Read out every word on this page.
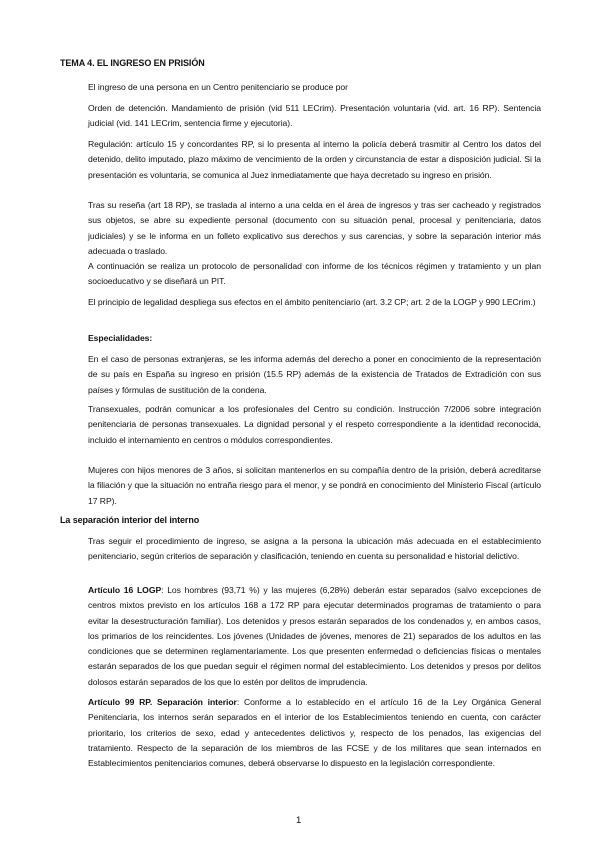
TEMA 4. EL INGRESO EN PRISIÓN

El ingreso de una persona en un Centro penitenciario se produce por

Orden de detención. Mandamiento de prisión (vid 511 LECrim). Presentación voluntaria (vid. art. 16 RP). Sentencia judicial (vid. 141 LECrim, sentencia firme y ejecutoria).

Regulación: artículo 15 y concordantes RP, si lo presenta al interno la policía deberá trasmitir al Centro los datos del detenido, delito imputado, plazo máximo de vencimiento de la orden y circunstancia de estar a disposición judicial. Si la presentación es voluntaria, se comunica al Juez inmediatamente que haya decretado su ingreso en prisión.

Tras su reseña (art 18 RP), se traslada al interno a una celda en el área de ingresos y tras ser cacheado y registrados sus objetos, se abre su expediente personal (documento con su situación penal, procesal y penitenciaria, datos judiciales) y se le informa en un folleto explicativo sus derechos y sus carencias, y sobre la separación interior más adecuada o traslado.

A continuación se realiza un protocolo de personalidad con informe de los técnicos régimen y tratamiento y un plan socioeducativo y se diseñará un PIT.

El principio de legalidad despliega sus efectos en el ámbito penitenciario (art. 3.2 CP; art. 2 de la LOGP y 990 LECrim.)

Especialidades:

En el caso de personas extranjeras, se les informa además del derecho a poner en conocimiento de la representación de su país en España su ingreso en prisión (15.5 RP) además de la existencia de Tratados de Extradición con sus países y fórmulas de sustitución de la condena.

Transexuales, podrán comunicar a los profesionales del Centro su condición. Instrucción 7/2006 sobre integración penitenciaria de personas transexuales. La dignidad personal y el respeto correspondiente a la identidad reconocida, incluido el internamiento en centros o módulos correspondientes.

Mujeres con hijos menores de 3 años, si solicitan mantenerlos en su compañía dentro de la prisión, deberá acreditarse la filiación y que la situación no entraña riesgo para el menor, y se pondrá en conocimiento del Ministerio Fiscal (artículo 17 RP).

La separación interior del interno

Tras seguir el procedimiento de ingreso, se asigna a la persona la ubicación más adecuada en el establecimiento penitenciario, según criterios de separación y clasificación, teniendo en cuenta su personalidad e historial delictivo.

Artículo 16 LOGP: Los hombres (93,71 %) y las mujeres (6,28%) deberán estar separados (salvo excepciones de centros mixtos previsto en los artículos 168 a 172 RP para ejecutar determinados programas de tratamiento o para evitar la desestructuración familiar). Los detenidos y presos estarán separados de los condenados y, en ambos casos, los primarios de los reincidentes. Los jóvenes (Unidades de jóvenes, menores de 21) separados de los adultos en las condiciones que se determinen reglamentariamente. Los que presenten enfermedad o deficiencias físicas o mentales estarán separados de los que puedan seguir el régimen normal del establecimiento. Los detenidos y presos por delitos dolosos estarán separados de los que lo estén por delitos de imprudencia.

Artículo 99 RP. Separación interior: Conforme a lo establecido en el artículo 16 de la Ley Orgánica General Penitenciaria, los internos serán separados en el interior de los Establecimientos teniendo en cuenta, con carácter prioritario, los criterios de sexo, edad y antecedentes delictivos y, respecto de los penados, las exigencias del tratamiento. Respecto de la separación de los miembros de las FCSE y de los militares que sean internados en Establecimientos penitenciarios comunes, deberá observarse lo dispuesto en la legislación correspondiente.

1
